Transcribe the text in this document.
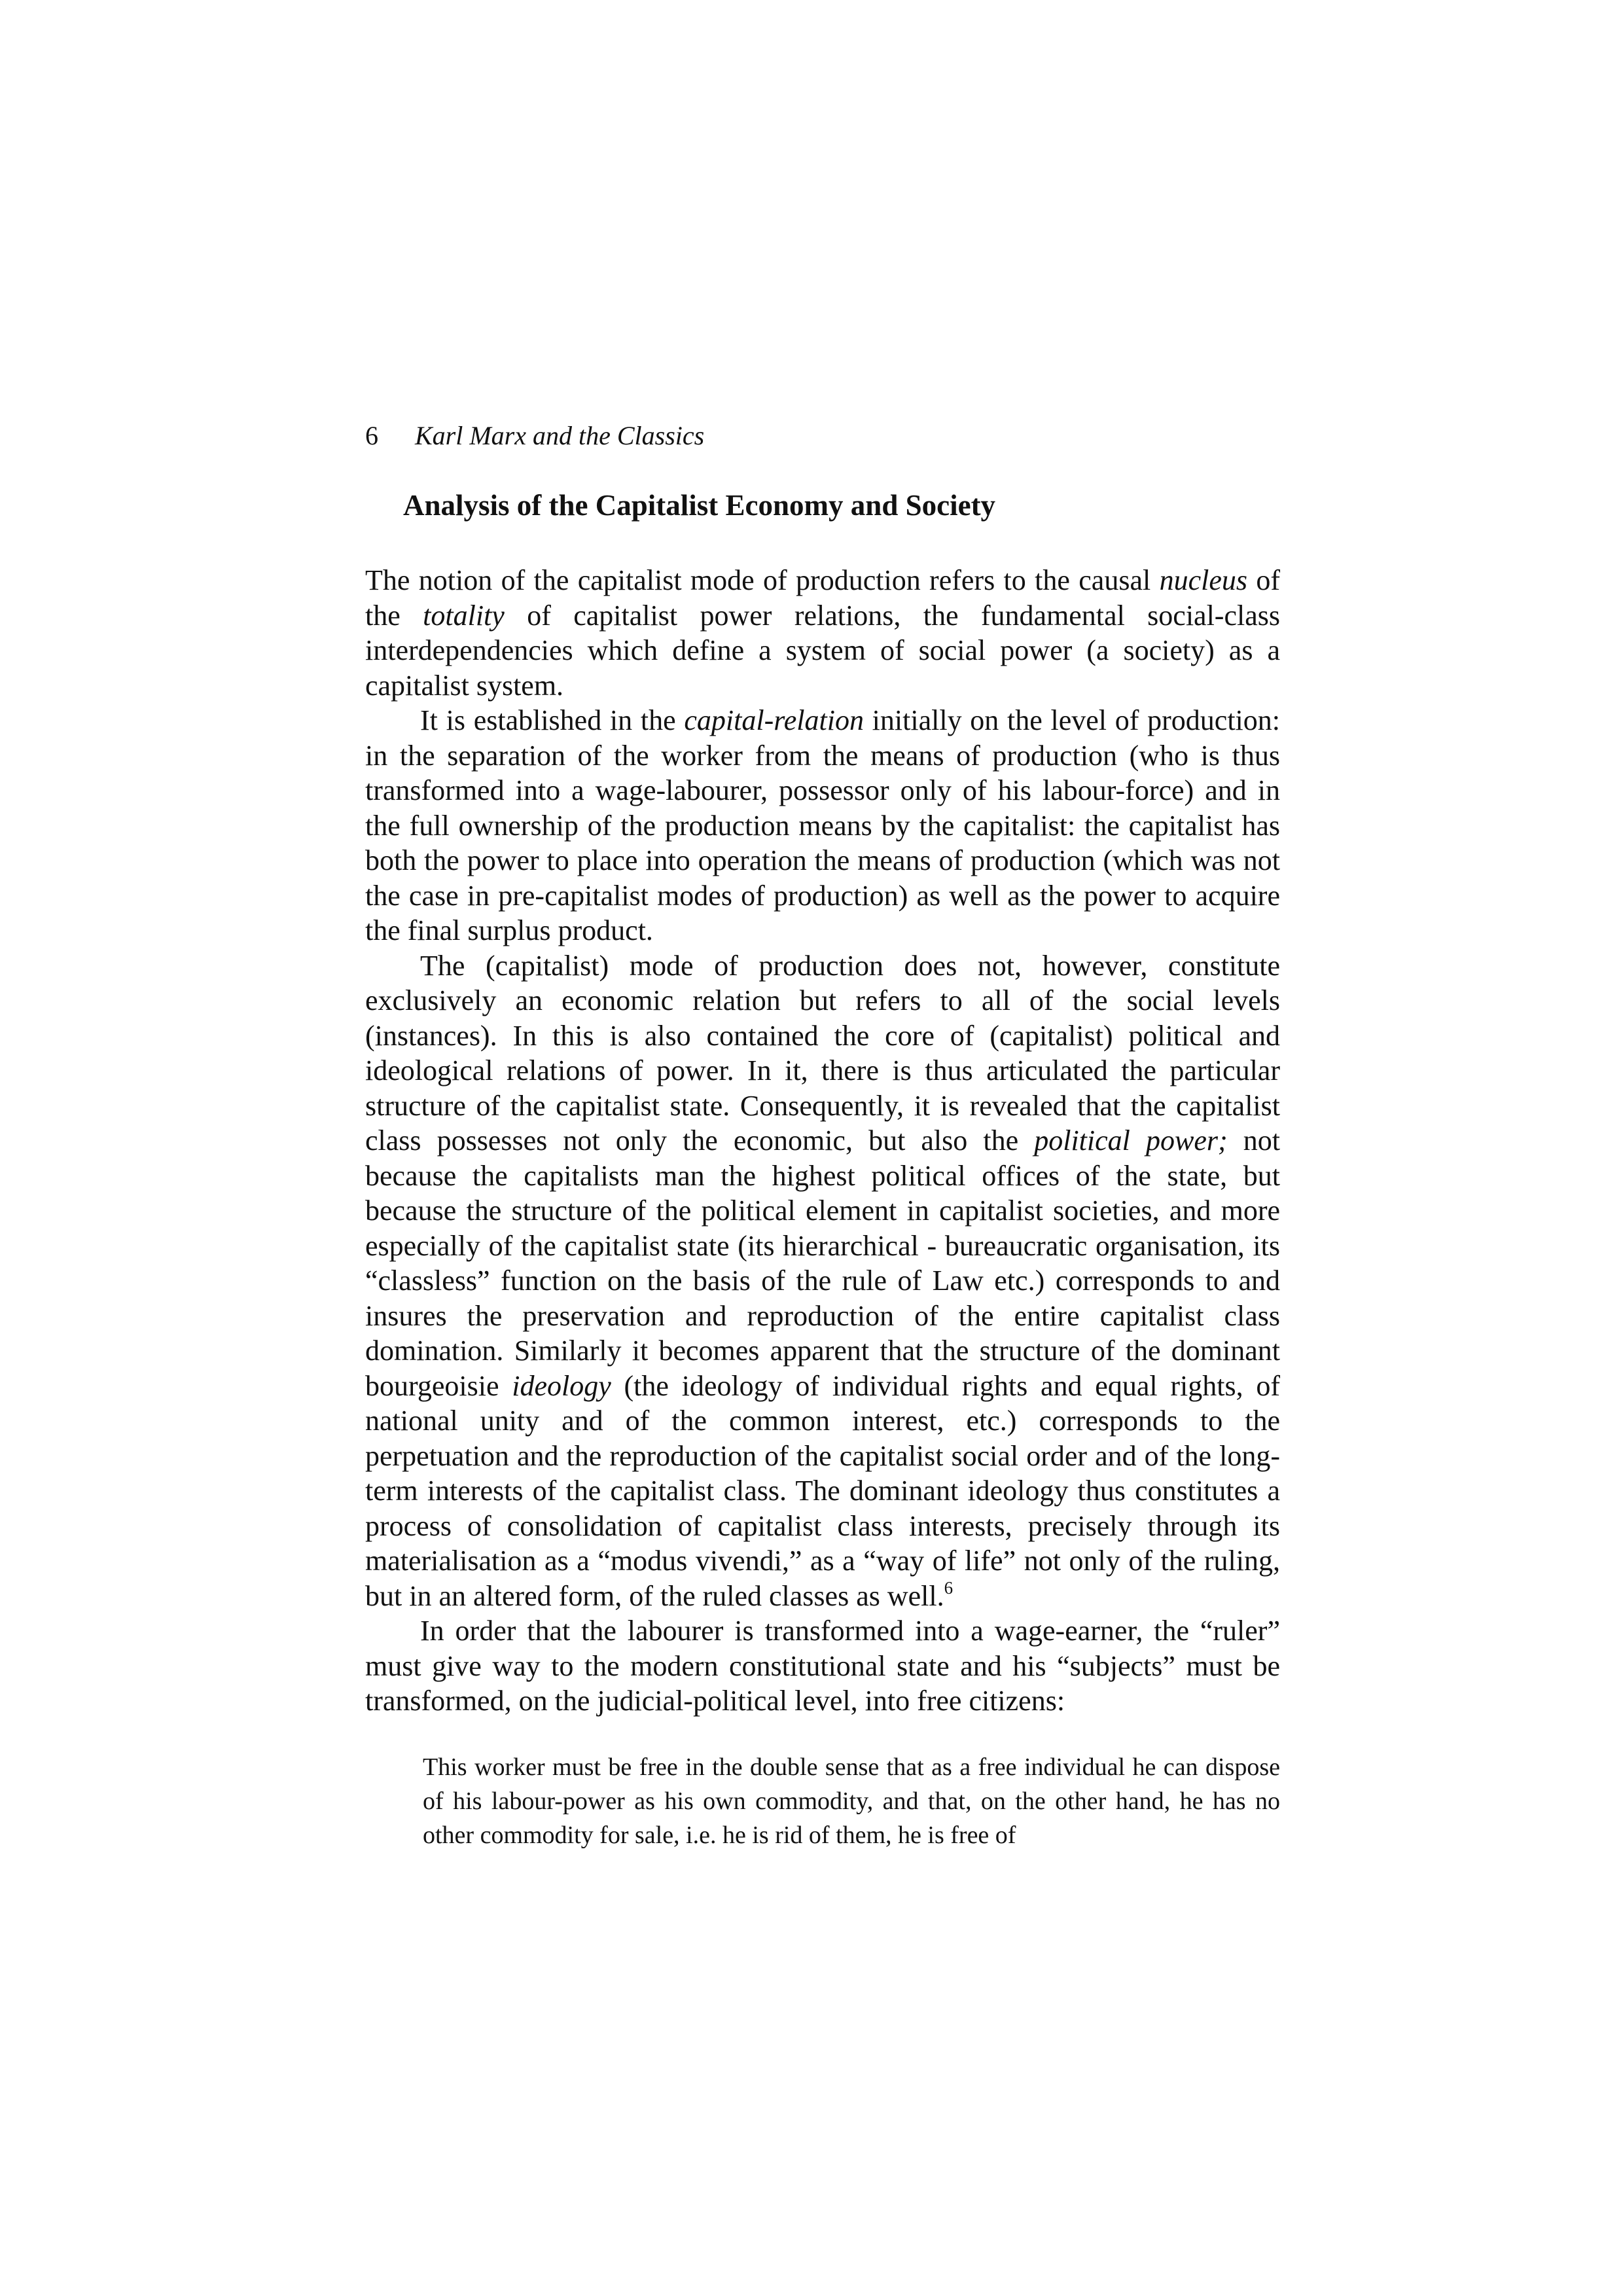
6 Karl Marx and the Classics
Analysis of the Capitalist Economy and Society

The notion of the capitalist mode of production refers to the causal nucleus of the totality of capitalist power relations, the fundamental social-class interdependencies which define a system of social power (a society) as a capitalist system.

It is established in the capital-relation initially on the level of production: in the separation of the worker from the means of production (who is thus transformed into a wage-labourer, possessor only of his labour-force) and in the full ownership of the production means by the capitalist: the capitalist has both the power to place into operation the means of production (which was not the case in pre-capitalist modes of production) as well as the power to acquire the final surplus product.

The (capitalist) mode of production does not, however, constitute exclusively an economic relation but refers to all of the social levels (instances). In this is also contained the core of (capitalist) political and ideological relations of power. In it, there is thus articulated the particular structure of the capitalist state. Consequently, it is revealed that the capitalist class possesses not only the economic, but also the political power; not because the capitalists man the highest political offices of the state, but because the structure of the political element in capitalist societies, and more especially of the capitalist state (its hierarchical - bureaucratic organisation, its “classless” function on the basis of the rule of Law etc.) corresponds to and insures the preservation and reproduction of the entire capitalist class domination. Similarly it becomes apparent that the structure of the dominant bourgeoisie ideology (the ideology of individual rights and equal rights, of national unity and of the common interest, etc.) corresponds to the perpetuation and the reproduction of the capitalist social order and of the long-term interests of the capitalist class. The dominant ideology thus constitutes a process of consolidation of capitalist class interests, precisely through its materialisation as a “modus vivendi,” as a “way of life” not only of the ruling, but in an altered form, of the ruled classes as well.$^6$

In order that the labourer is transformed into a wage-earner, the “ruler” must give way to the modern constitutional state and his “subjects” must be transformed, on the judicial-political level, into free citizens:

This worker must be free in the double sense that as a free individual he can dispose of his labour-power as his own commodity, and that, on the other hand, he has no other commodity for sale, i.e. he is rid of them, he is free of
